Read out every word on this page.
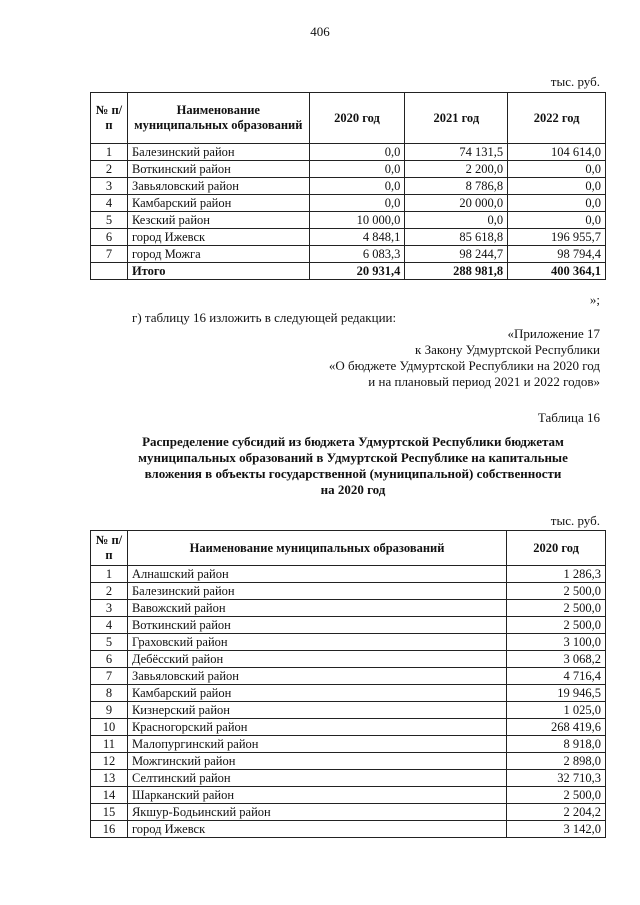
406
тыс. руб.
№ п/п	Наименование муниципальных образований	2020 год	2021 год	2022 год
1	Балезинский район	0,0	74 131,5	104 614,0
2	Воткинский район	0,0	2 200,0	0,0
3	Завьяловский район	0,0	8 786,8	0,0
4	Камбарский район	0,0	20 000,0	0,0
5	Кезский район	10 000,0	0,0	0,0
6	город Ижевск	4 848,1	85 618,8	196 955,7
7	город Можга	6 083,3	98 244,7	98 794,4
	Итого	20 931,4	288 981,8	400 364,1
»;
г) таблицу 16 изложить в следующей редакции:
«Приложение 17
к Закону Удмуртской Республики
«О бюджете Удмуртской Республики на 2020 год
и на плановый период 2021 и 2022 годов»
Таблица 16
Распределение субсидий из бюджета Удмуртской Республики бюджетам
муниципальных образований в Удмуртской Республике на капитальные
вложения в объекты государственной (муниципальной) собственности
на 2020 год
тыс. руб.
№ п/п	Наименование муниципальных образований	2020 год
1	Алнашский район	1 286,3
2	Балезинский район	2 500,0
3	Вавожский район	2 500,0
4	Воткинский район	2 500,0
5	Граховский район	3 100,0
6	Дебёсский район	3 068,2
7	Завьяловский район	4 716,4
8	Камбарский район	19 946,5
9	Кизнерский район	1 025,0
10	Красногорский район	268 419,6
11	Малопургинский район	8 918,0
12	Можгинский район	2 898,0
13	Селтинский район	32 710,3
14	Шарканский район	2 500,0
15	Якшур-Бодьинский район	2 204,2
16	город Ижевск	3 142,0
